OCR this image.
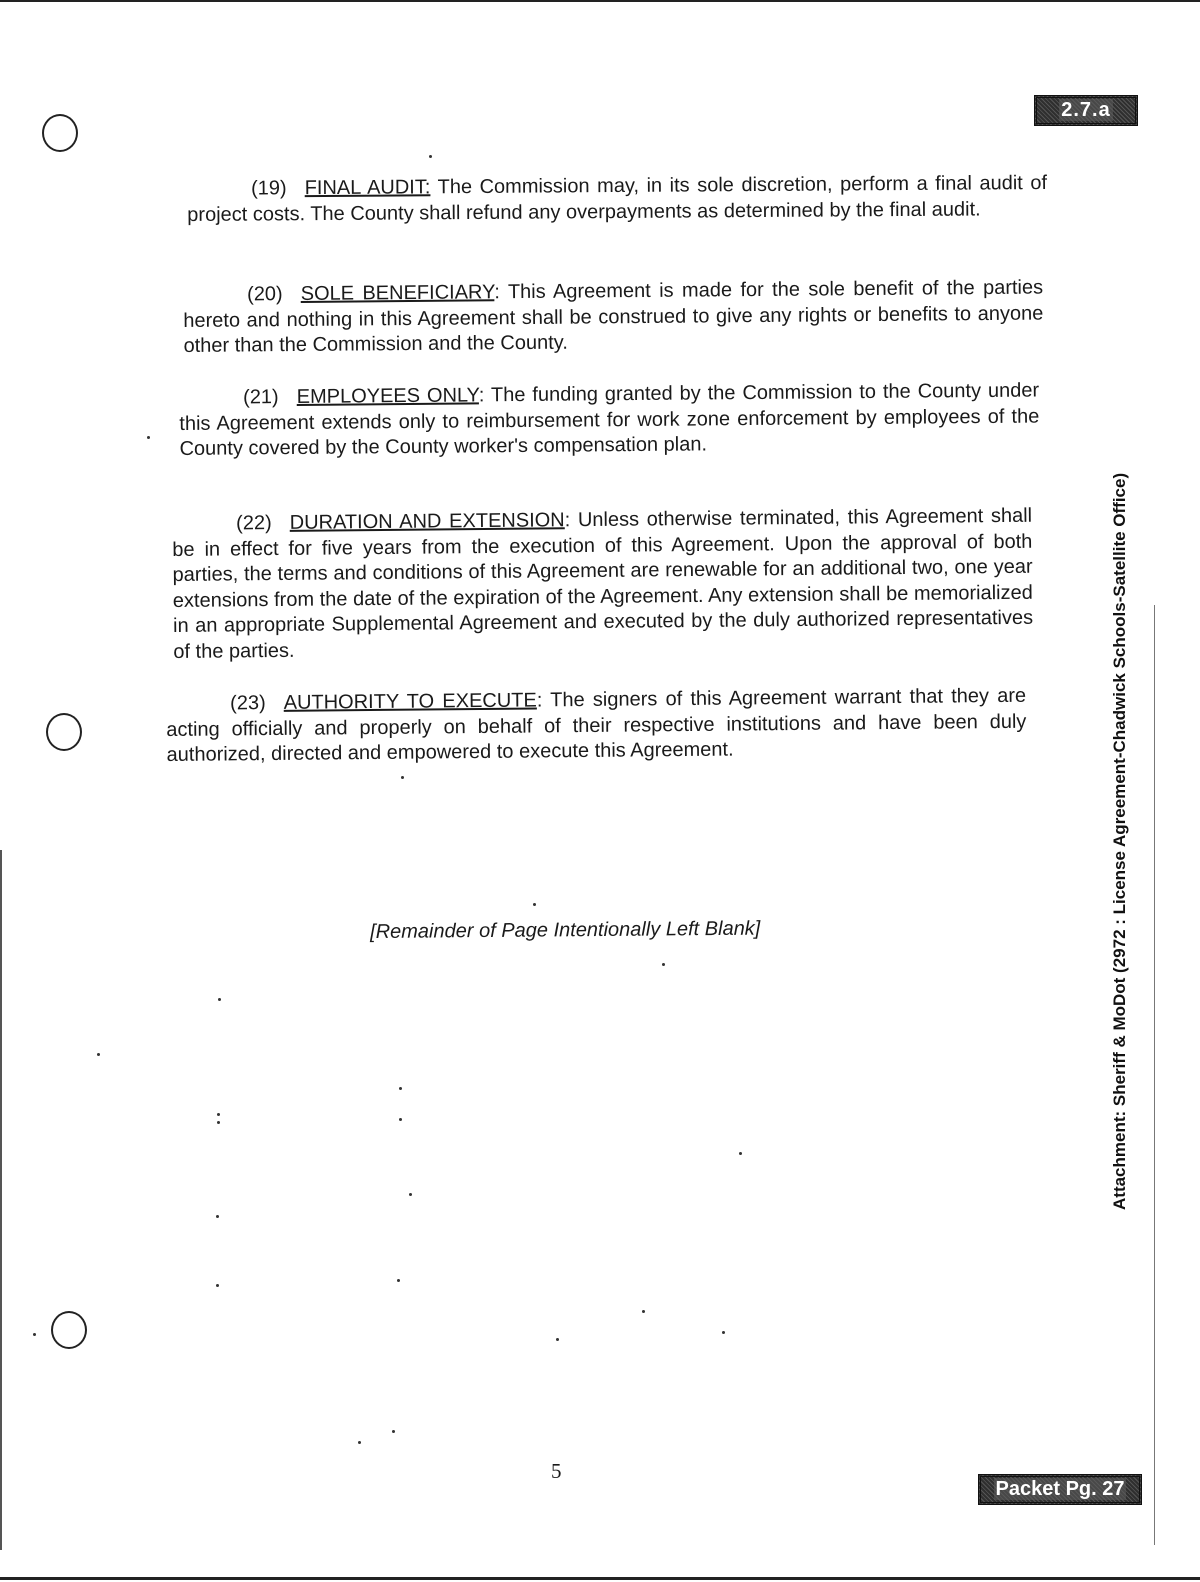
2.7.a

(19) FINAL AUDIT: The Commission may, in its sole discretion, perform a final audit of project costs. The County shall refund any overpayments as determined by the final audit.

(20) SOLE BENEFICIARY: This Agreement is made for the sole benefit of the parties hereto and nothing in this Agreement shall be construed to give any rights or benefits to anyone other than the Commission and the County.

(21) EMPLOYEES ONLY: The funding granted by the Commission to the County under this Agreement extends only to reimbursement for work zone enforcement by employees of the County covered by the County worker's compensation plan.

(22) DURATION AND EXTENSION: Unless otherwise terminated, this Agreement shall be in effect for five years from the execution of this Agreement. Upon the approval of both parties, the terms and conditions of this Agreement are renewable for an additional two, one year extensions from the date of the expiration of the Agreement. Any extension shall be memorialized in an appropriate Supplemental Agreement and executed by the duly authorized representatives of the parties.

(23) AUTHORITY TO EXECUTE: The signers of this Agreement warrant that they are acting officially and properly on behalf of their respective institutions and have been duly authorized, directed and empowered to execute this Agreement.

[Remainder of Page Intentionally Left Blank]
5
Packet Pg. 27
Attachment: Sheriff & MoDot (2972 : License Agreement-Chadwick Schools-Satellite Office)
